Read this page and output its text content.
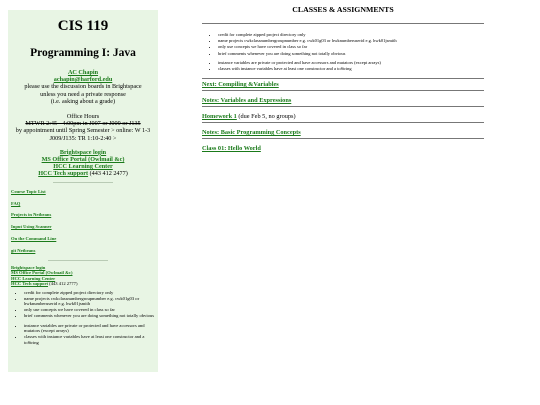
CIS 119
Programming I: Java
AC Chapin
achapin@harford.edu
please use the discussion boards in Brightspace
unless you need a private response
(i.e. asking about a grade)
Office Hours
MTWR 2:45 - 4:00pm in J007 or J009 or J135
by appointment until Spring Semester > online: W 1-3
J009/J135: TR 1:10-2:40 >
Brightspace login
MS Office Portal (Owlmail &c)
HCC Learning Center
HCC Tech support (443 412 2477)
Course Topic List
FAQ
Projects in Netbeans
Input Using Scanner
On the Command Line
git Netbeans
Brightspace login
MS Office Portal (Owlmail &c)
HCC Learning Center
HCC Tech support (443 412 2777)
• credit for complete zipped project directory only
• name projects cwkclassnumbergroupnumber e.g. cwk01g03 or hwknumberuserid e.g. hwk01jsmith
• only use concepts we have covered in class so far
• brief comments whenever you are doing something not totally obvious
• instance variables are private or protected and have accessors and mutators (except arrays)
• classes with instance variables have at least one constructor and a toString
CLASSES & ASSIGNMENTS
• credit for complete zipped project directory only
• name projects cwkclassnumbergroupnumber e.g. cwk01g03 or hwknumberuserid e.g. hwk01jsmith
• only use concepts we have covered in class so far
• brief comments whenever you are doing something not totally obvious
• instance variables are private or protected and have accessors and mutators (except arrays)
• classes with instance variables have at least one constructor and a toString
Next: Compiling &Variables
Notes: Variables and Expressions
Homework 1 (due Feb 5, no groups)
Notes: Basic Programming Concepts
Class 01: Hello World
